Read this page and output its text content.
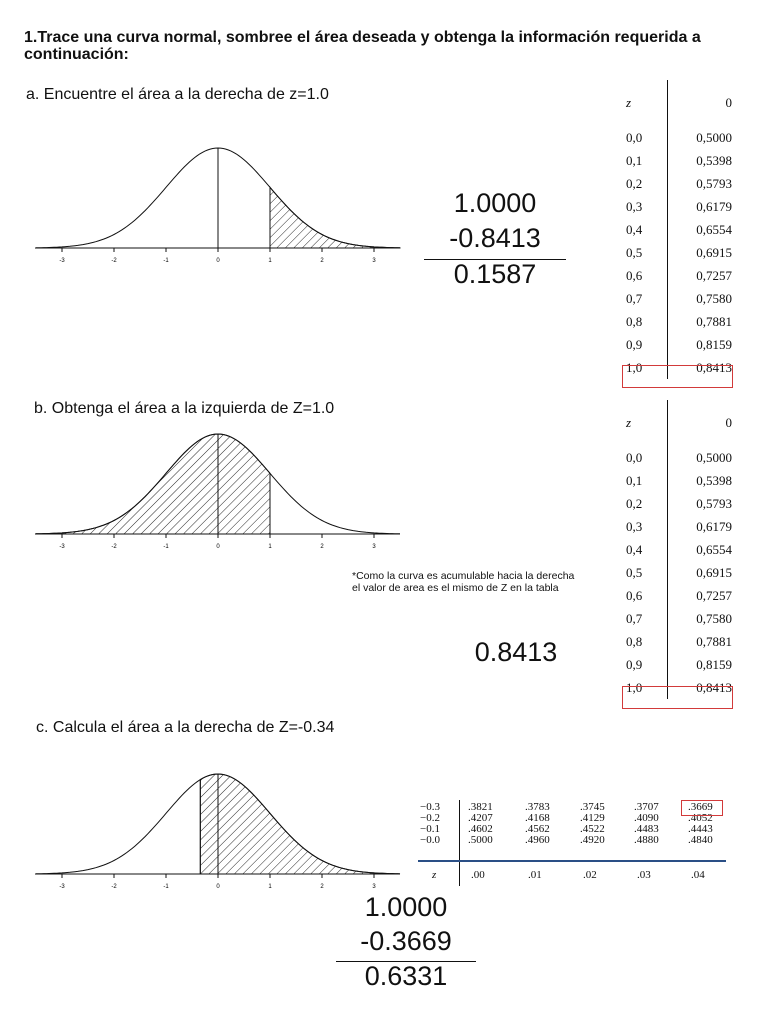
1.Trace una curva normal, sombree el área deseada y obtenga la información requerida a continuación:
a. Encuentre el área a la derecha de z=1.0
-3	-2	-1	0	1	2	3
1.0000
-0.8413
0.1587
z	0
0,0	0,5000
0,1	0,5398
0,2	0,5793
0,3	0,6179
0,4	0,6554
0,5	0,6915
0,6	0,7257
0,7	0,7580
0,8	0,7881
0,9	0,8159
1,0	0,8413
b. Obtenga el área a la izquierda de Z=1.0
-3	-2	-1	0	1	2	3
*Como la curva es acumulable hacia la derecha
el valor de area es el mismo de Z en la tabla
0.8413
z	0
0,0	0,5000
0,1	0,5398
0,2	0,5793
0,3	0,6179
0,4	0,6554
0,5	0,6915
0,6	0,7257
0,7	0,7580
0,8	0,7881
0,9	0,8159
1,0	0,8413
c. Calcula el área a la derecha de Z=-0.34
-3	-2	-1	0	1	2	3
−0.3	.3821	.3783	.3745	.3707	.3669
−0.2	.4207	.4168	.4129	.4090	.4052
−0.1	.4602	.4562	.4522	.4483	.4443
−0.0	.5000	.4960	.4920	.4880	.4840
z	.00	.01	.02	.03	.04
1.0000
-0.3669
0.6331
